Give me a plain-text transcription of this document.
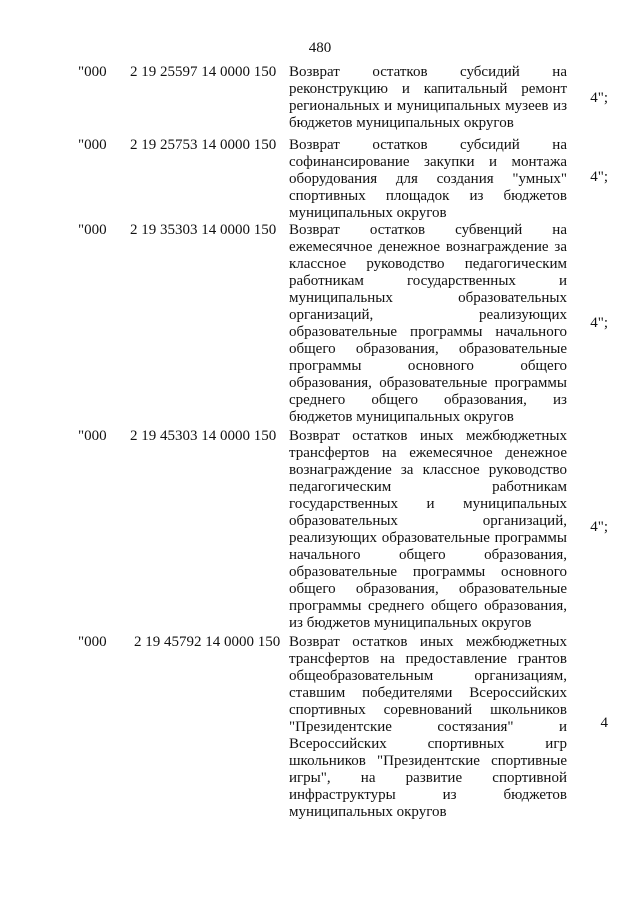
480
"000 2 19 25597 14 0000 150 Возврат остатков субсидий на реконструкцию и капитальный ремонт региональных и муниципальных музеев из бюджетов муниципальных округов
4";
"000 2 19 25753 14 0000 150 Возврат остатков субсидий на софинансирование закупки и монтажа оборудования для создания "умных" спортивных площадок из бюджетов муниципальных округов
4";
"000 2 19 35303 14 0000 150 Возврат остатков субвенций на ежемесячное денежное вознаграждение за классное руководство педагогическим работникам государственных и муниципальных образовательных организаций, реализующих образовательные программы начального общего образования, образовательные программы основного общего образования, образовательные программы среднего общего образования, из бюджетов муниципальных округов
4";
"000 2 19 45303 14 0000 150 Возврат остатков иных межбюджетных трансфертов на ежемесячное денежное вознаграждение за классное руководство педагогическим работникам государственных и муниципальных образовательных организаций, реализующих образовательные программы начального общего образования, образовательные программы основного общего образования, образовательные программы среднего общего образования, из бюджетов муниципальных округов
4";
"000 2 19 45792 14 0000 150 Возврат остатков иных межбюджетных трансфертов на предоставление грантов общеобразовательным организациям, ставшим победителями Всероссийских спортивных соревнований школьников "Президентские состязания" и Всероссийских спортивных игр школьников "Президентские спортивные игры", на развитие спортивной инфраструктуры из бюджетов муниципальных округов
4
